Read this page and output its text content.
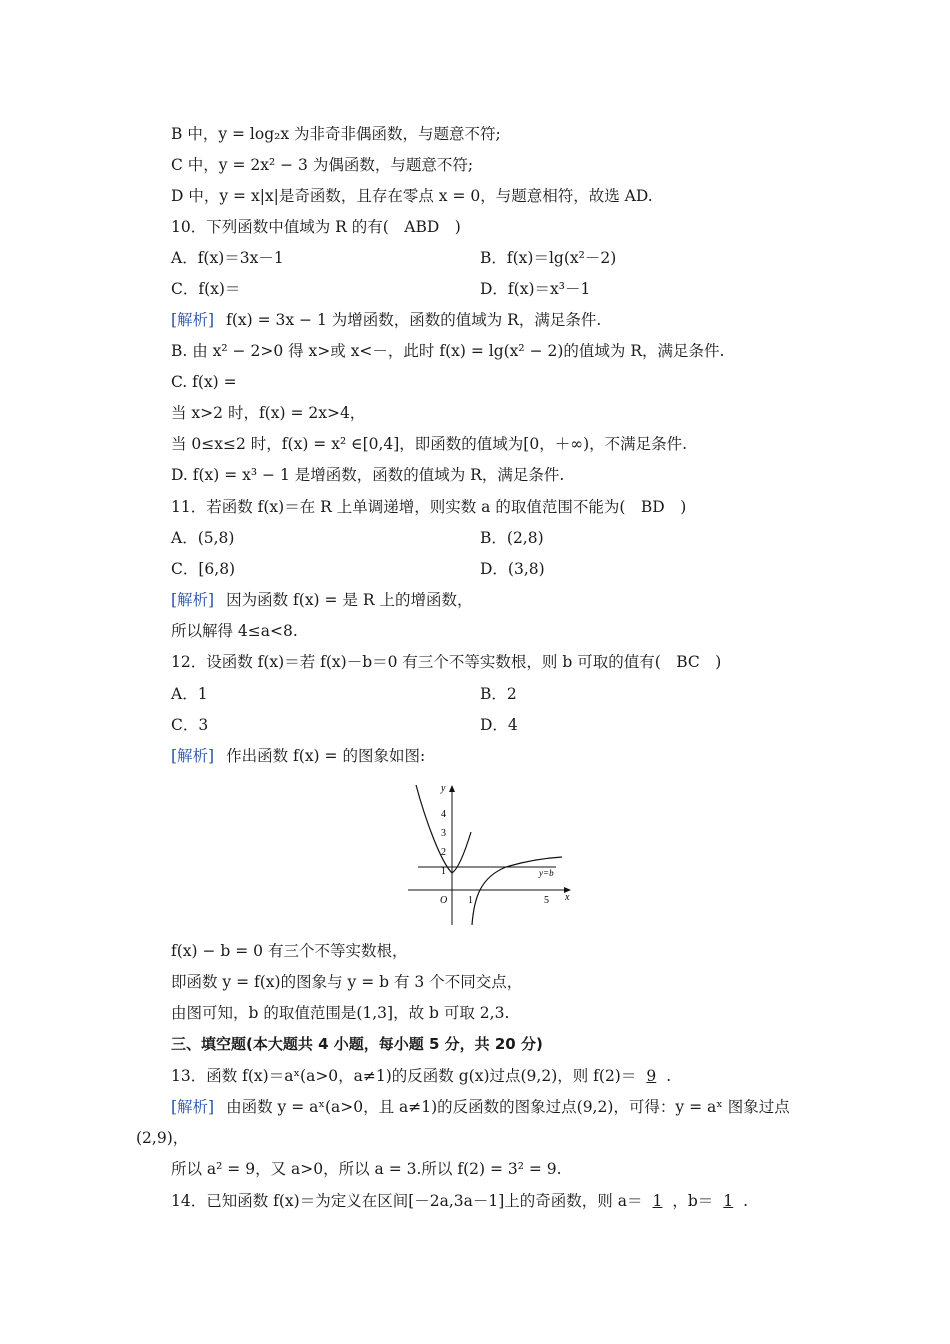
B 中，y = log₂x 为非奇非偶函数，与题意不符;
C 中，y = 2x² − 3 为偶函数，与题意不符;
D 中，y = x|x|是奇函数，且存在零点 x = 0，与题意相符，故选 AD.
10．下列函数中值域为 R 的有(　ABD　)
A．f(x)＝3x－1	B．f(x)＝lg(x²－2)
C．f(x)＝	D．f(x)＝x³－1
[解析] f(x) = 3x − 1 为增函数，函数的值域为 R，满足条件.
B. 由 x² − 2>0 得 x>或 x<－，此时 f(x) = lg(x² − 2)的值域为 R，满足条件.
C. f(x) =
当 x>2 时，f(x) = 2x>4，
当 0≤x≤2 时，f(x) = x² ∈[0,4]，即函数的值域为[0，＋∞)，不满足条件.
D. f(x) = x³ − 1 是增函数，函数的值域为 R，满足条件.
11．若函数 f(x)＝在 R 上单调递增，则实数 a 的取值范围不能为(　BD　)
A．(5,8)	B．(2,8)
C．[6,8)	D．(3,8)
[解析] 因为函数 f(x) = 是 R 上的增函数，
所以解得 4≤a<8.
12．设函数 f(x)＝若 f(x)－b＝0 有三个不等实数根，则 b 可取的值有(　BC　)
A．1	B．2
C．3	D．4
[解析] 作出函数 f(x) = 的图象如图:
y
x
O
1
2
3
4
1	5
y=b
f(x) − b = 0 有三个不等实数根，
即函数 y = f(x)的图象与 y = b 有 3 个不同交点，
由图可知，b 的取值范围是(1,3]，故 b 可取 2,3.
三、填空题(本大题共 4 小题，每小题 5 分，共 20 分)
13．函数 f(x)＝aˣ(a>0，a≠1)的反函数 g(x)过点(9,2)，则 f(2)＝ 9 .
[解析] 由函数 y = aˣ(a>0，且 a≠1)的反函数的图象过点(9,2)，可得：y = aˣ 图象过点
(2,9)，
所以 a² = 9，又 a>0，所以 a = 3.所以 f(2) = 3² = 9.
14．已知函数 f(x)＝为定义在区间[－2a,3a－1]上的奇函数，则 a＝ 1 ，b＝ 1 .
